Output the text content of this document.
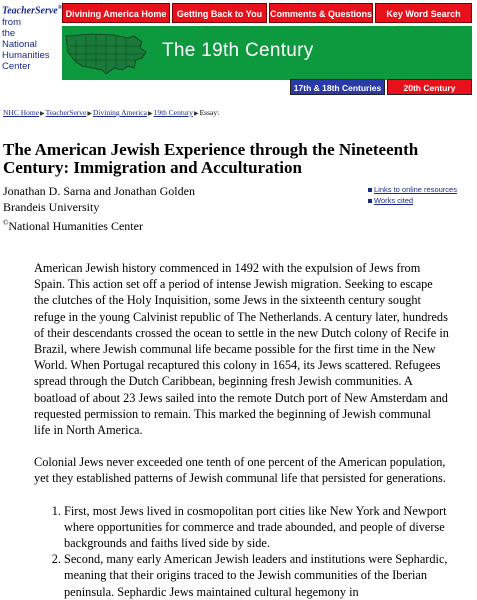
TeacherServe®
from
the
National
Humanities
Center
Divining America Home	Getting Back to You Comments & Questions	Key Word Search
The 19th Century
17th & 18th Centuries	20th Century
NHC Home▶TeacherServe▶Divining America▶19th Century▶Essay:
The American Jewish Experience through the Nineteenth Century: Immigration and Acculturation
Jonathan D. Sarna and Jonathan Golden
Brandeis University
©National Humanities Center
Links to online resources
Works cited

American Jewish history commenced in 1492 with the expulsion of Jews from Spain. This action set off a period of intense Jewish migration. Seeking to escape the clutches of the Holy Inquisition, some Jews in the sixteenth century sought refuge in the young Calvinist republic of The Netherlands. A century later, hundreds of their descendants crossed the ocean to settle in the new Dutch colony of Recife in Brazil, where Jewish communal life became possible for the first time in the New World. When Portugal recaptured this colony in 1654, its Jews scattered. Refugees spread through the Dutch Caribbean, beginning fresh Jewish communities. A boatload of about 23 Jews sailed into the remote Dutch port of New Amsterdam and requested permission to remain. This marked the beginning of Jewish communal life in North America.

Colonial Jews never exceeded one tenth of one percent of the American population, yet they established patterns of Jewish communal life that persisted for generations.

1. First, most Jews lived in cosmopolitan port cities like New York and Newport where opportunities for commerce and trade abounded, and people of diverse backgrounds and faiths lived side by side.
2. Second, many early American Jewish leaders and institutions were Sephardic, meaning that their origins traced to the Jewish communities of the Iberian peninsula. Sephardic Jews maintained cultural hegemony in
